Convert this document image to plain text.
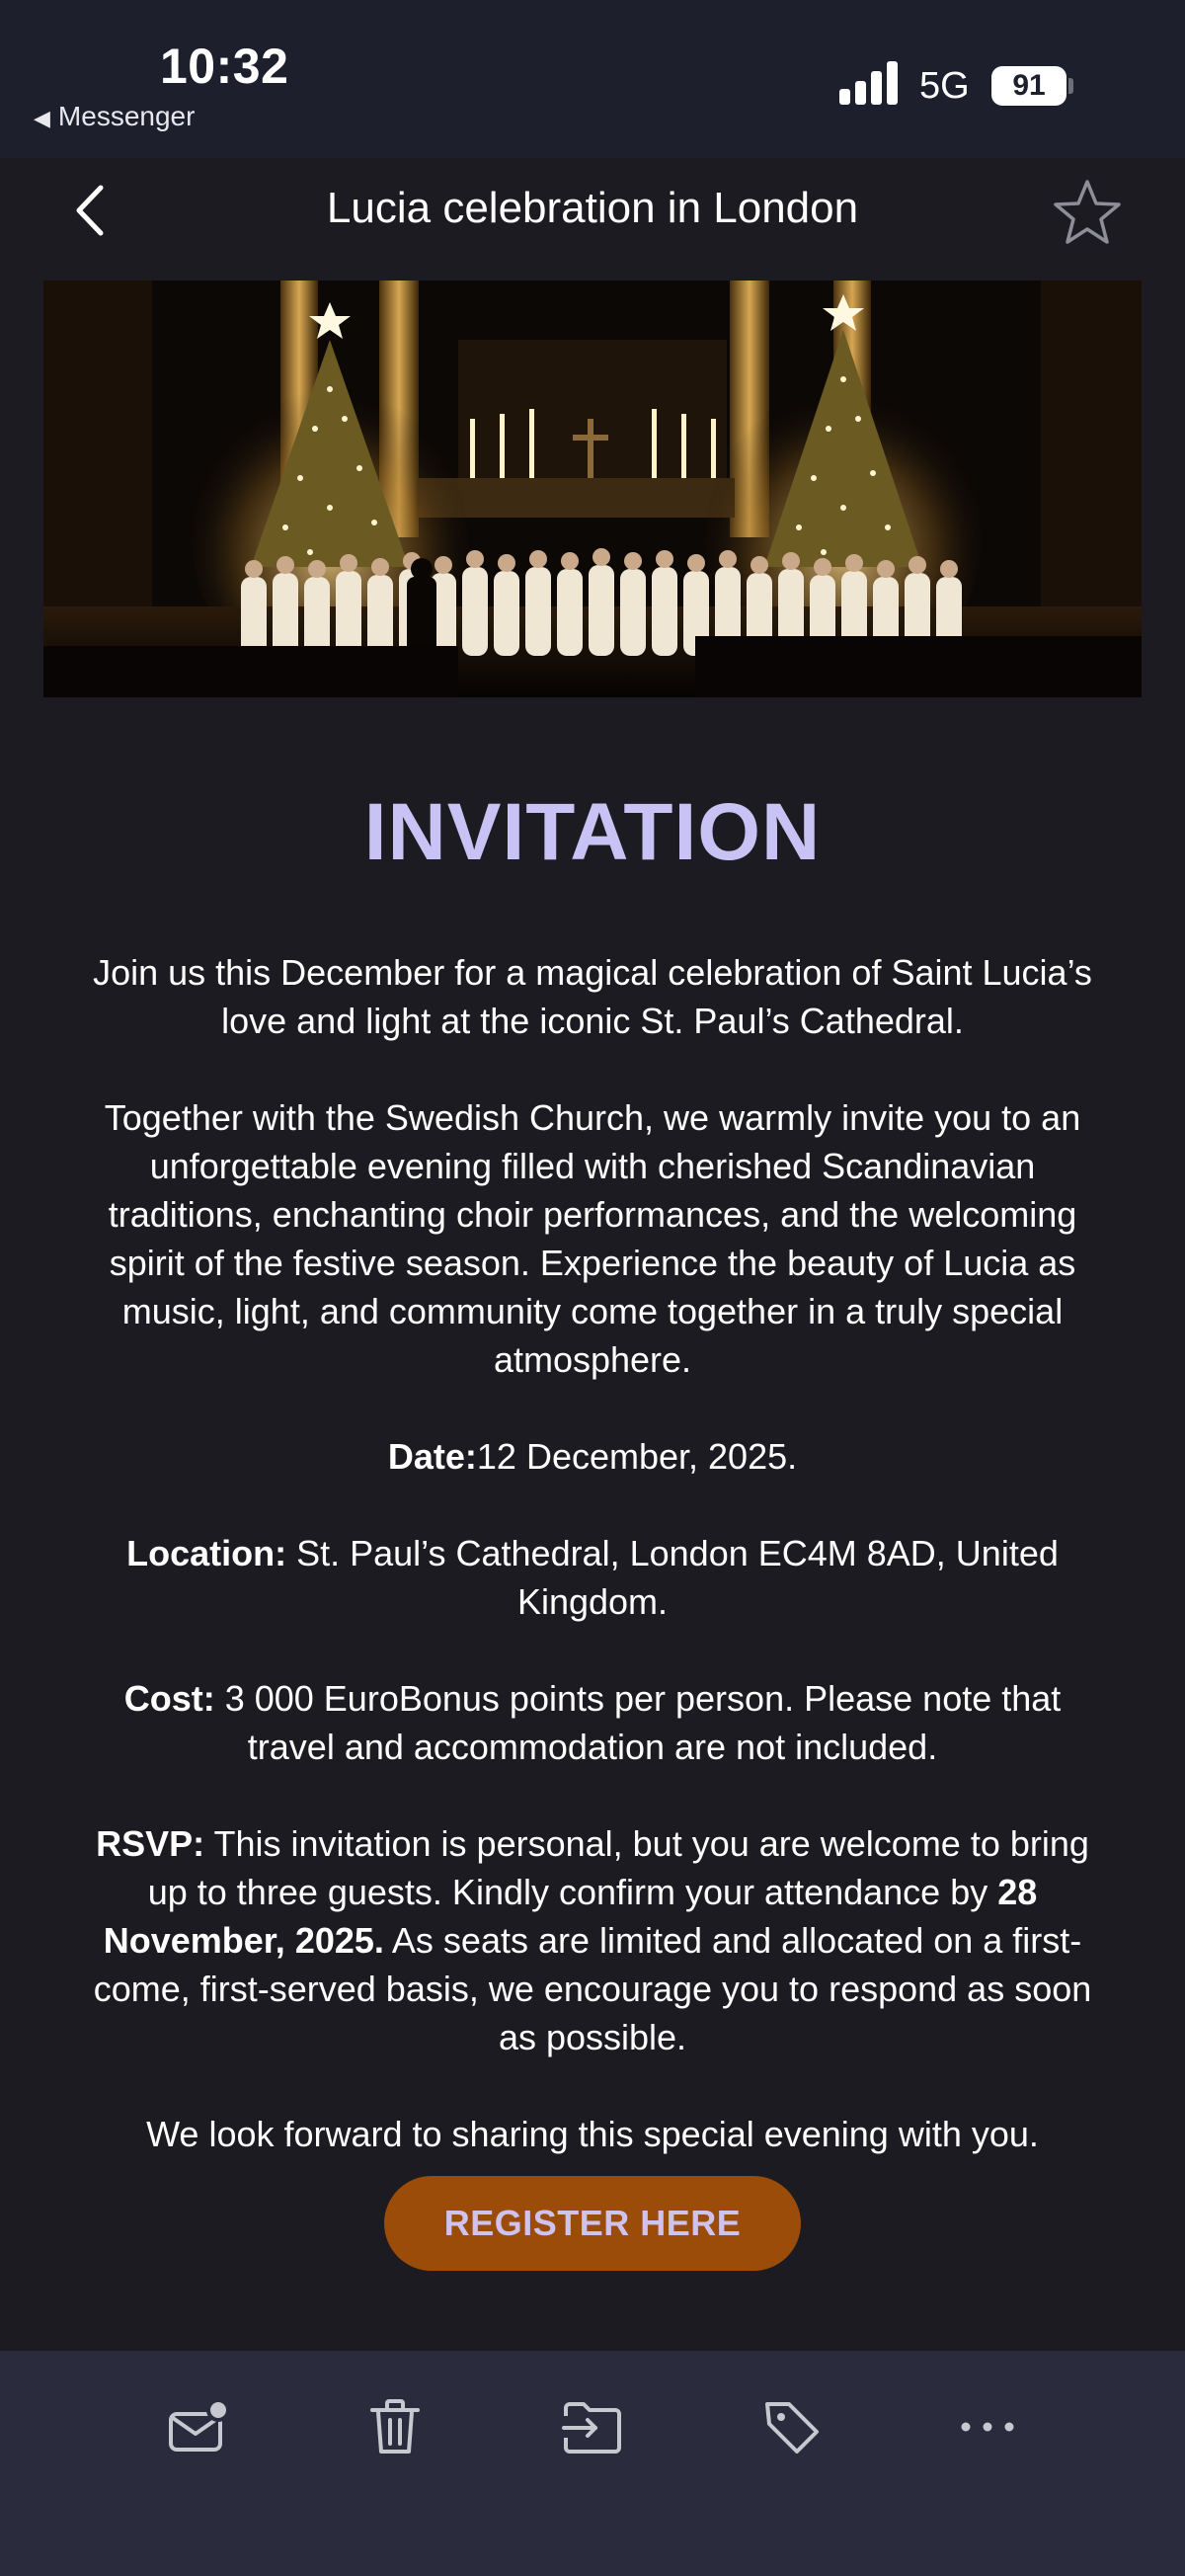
10:32
◀ Messenger
5G	91
Lucia celebration in London
INVITATION

Join us this December for a magical celebration of Saint Lucia’s love and light at the iconic St. Paul’s Cathedral.

Together with the Swedish Church, we warmly invite you to an unforgettable evening filled with cherished Scandinavian traditions, enchanting choir performances, and the welcoming spirit of the festive season. Experience the beauty of Lucia as music, light, and community come together in a truly special atmosphere.

Date:12 December, 2025.

Location: St. Paul’s Cathedral, London EC4M 8AD, United Kingdom.

Cost: 3 000 EuroBonus points per person. Please note that travel and accommodation are not included.

RSVP: This invitation is personal, but you are welcome to bring up to three guests. Kindly confirm your attendance by 28 November, 2025. As seats are limited and allocated on a first-come, first-served basis, we encourage you to respond as soon as possible.

We look forward to sharing this special evening with you.

REGISTER HERE
